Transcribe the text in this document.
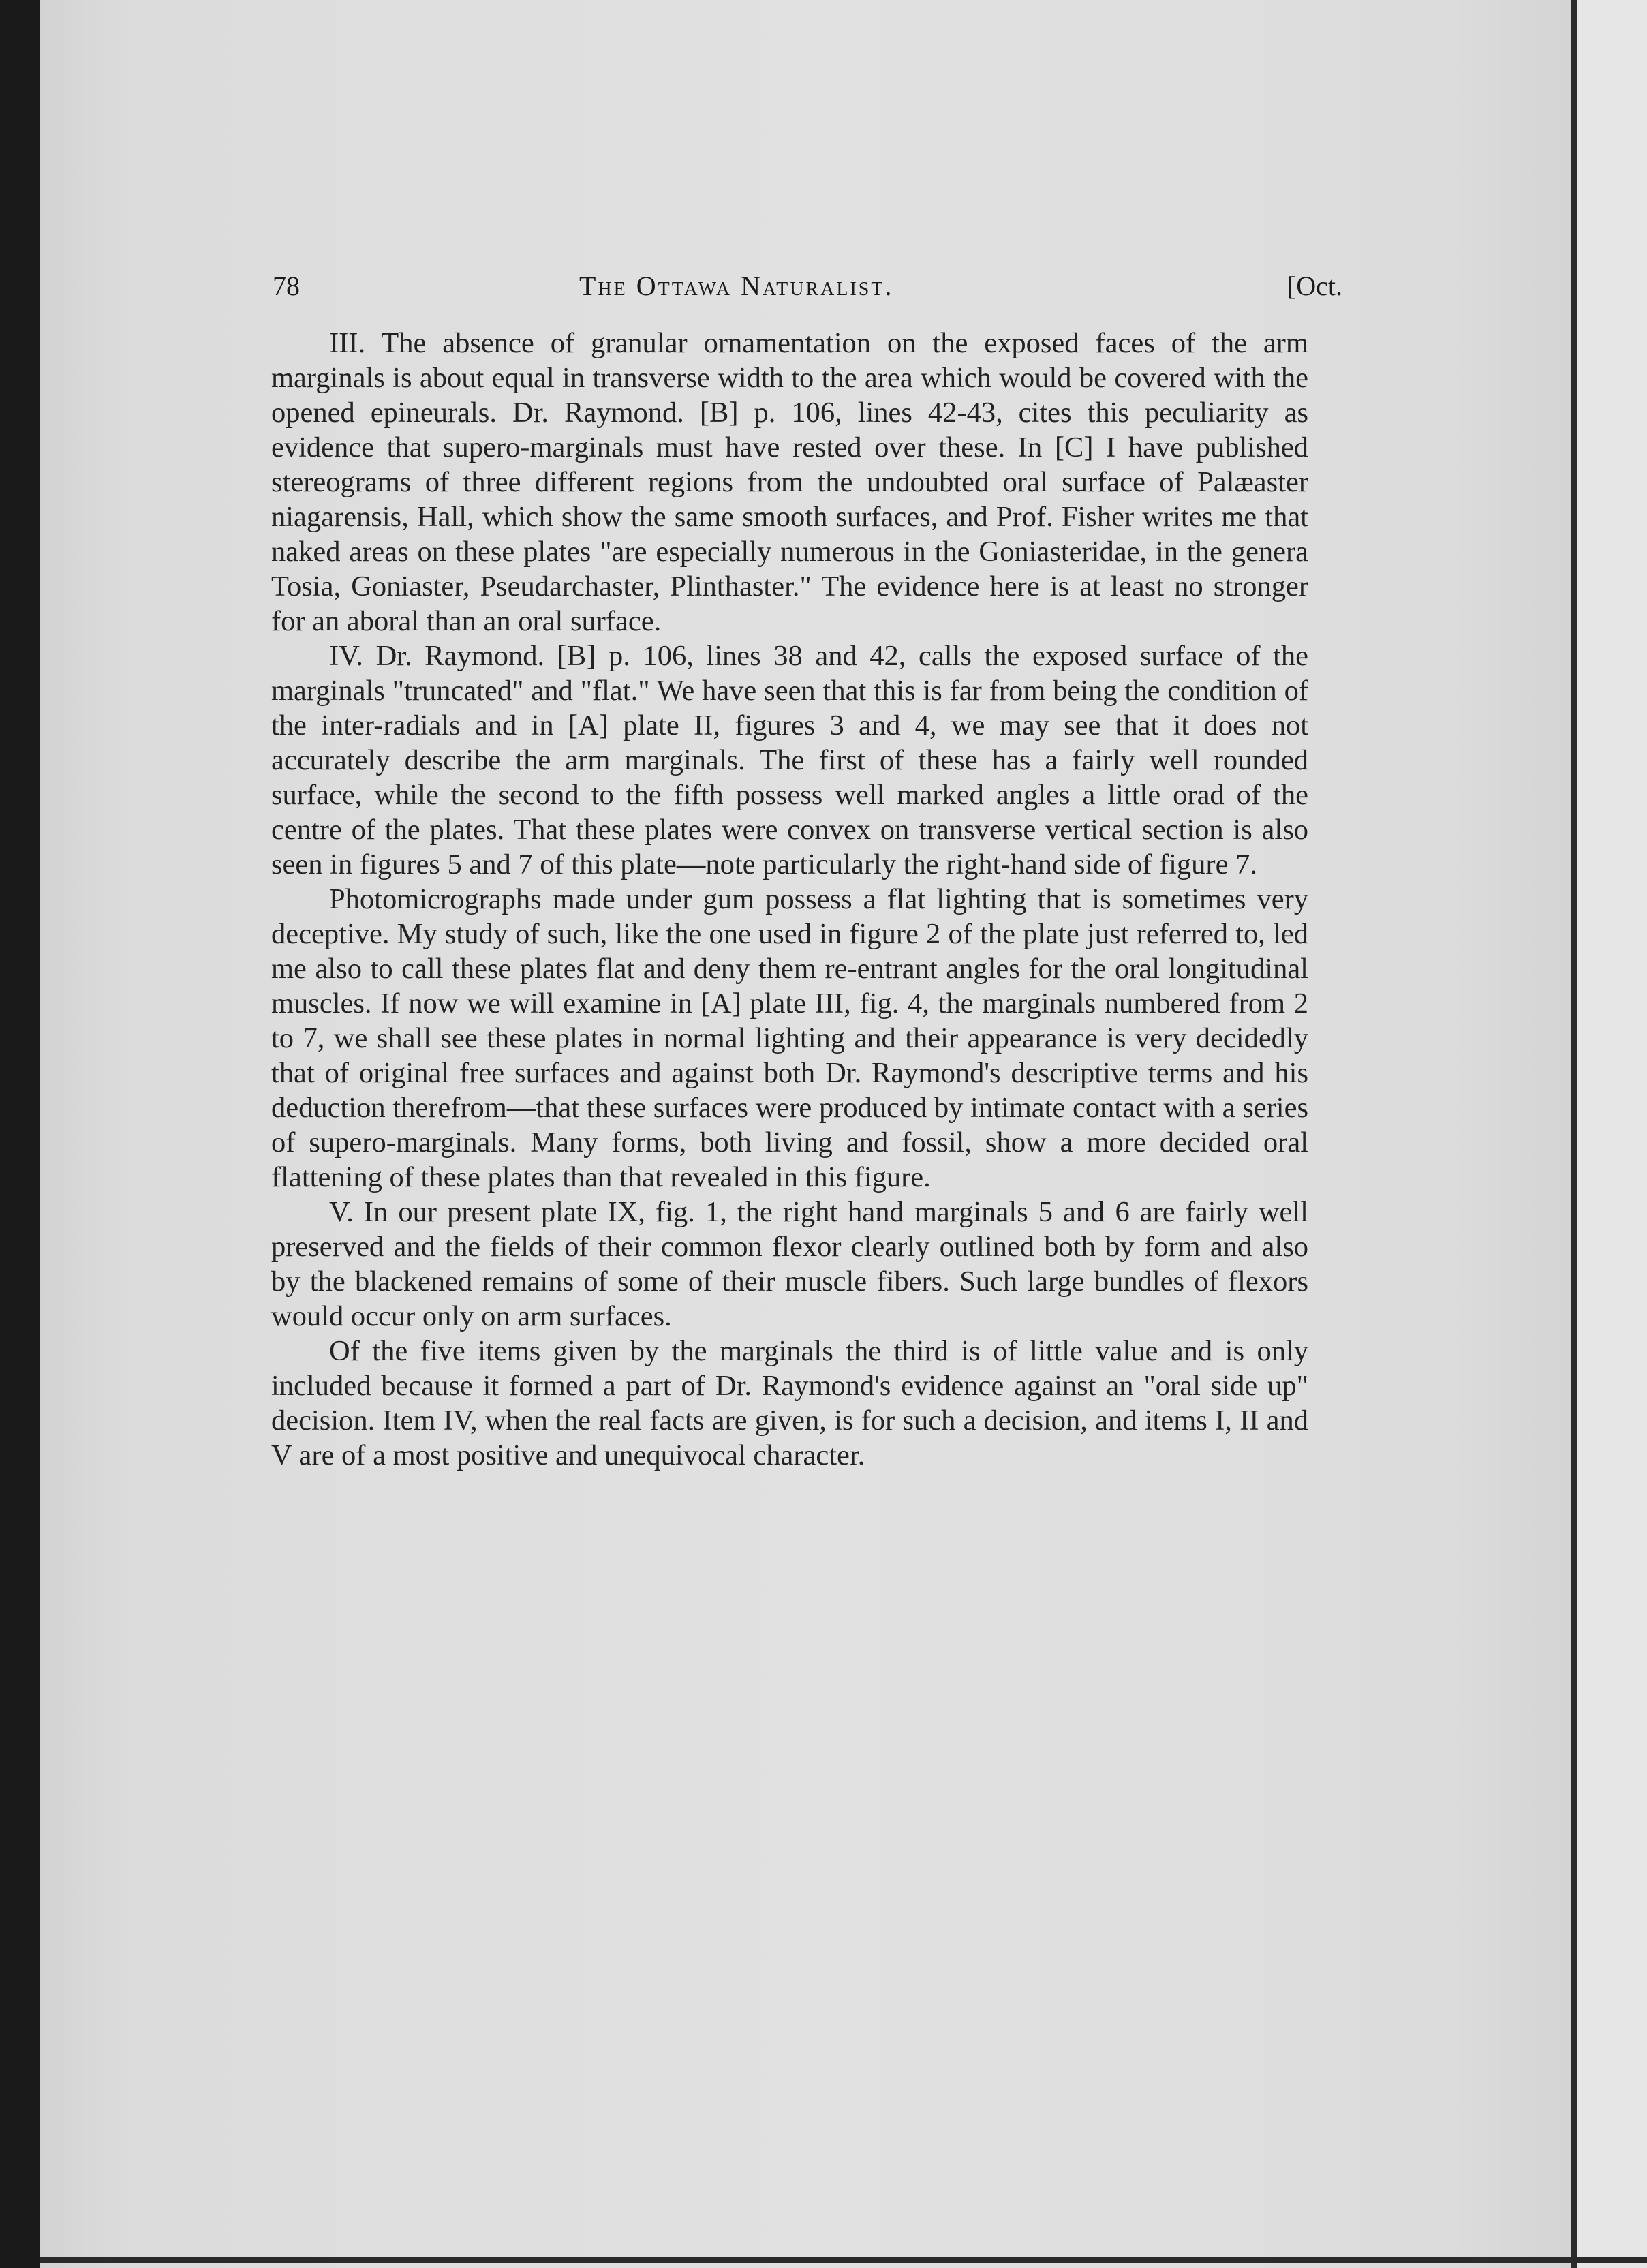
78	The Ottawa Naturalist.	[Oct.

III. The absence of granular ornamentation on the exposed faces of the arm marginals is about equal in transverse width to the area which would be covered with the opened epineurals. Dr. Raymond. [B] p. 106, lines 42-43, cites this peculiarity as evidence that supero-marginals must have rested over these. In [C] I have published stereograms of three different regions from the undoubted oral surface of Palæaster niagarensis, Hall, which show the same smooth surfaces, and Prof. Fisher writes me that naked areas on these plates "are especially numerous in the Goniasteridae, in the genera Tosia, Goniaster, Pseudarchaster, Plinthaster." The evidence here is at least no stronger for an aboral than an oral surface.

IV. Dr. Raymond. [B] p. 106, lines 38 and 42, calls the exposed surface of the marginals "truncated" and "flat." We have seen that this is far from being the condition of the inter-radials and in [A] plate II, figures 3 and 4, we may see that it does not accurately describe the arm marginals. The first of these has a fairly well rounded surface, while the second to the fifth possess well marked angles a little orad of the centre of the plates. That these plates were convex on transverse vertical section is also seen in figures 5 and 7 of this plate—note particularly the right-hand side of figure 7.

Photomicrographs made under gum possess a flat lighting that is sometimes very deceptive. My study of such, like the one used in figure 2 of the plate just referred to, led me also to call these plates flat and deny them re-entrant angles for the oral longitudinal muscles. If now we will examine in [A] plate III, fig. 4, the marginals numbered from 2 to 7, we shall see these plates in normal lighting and their appearance is very decidedly that of original free surfaces and against both Dr. Raymond's descriptive terms and his deduction therefrom—that these surfaces were produced by intimate contact with a series of supero-marginals. Many forms, both living and fossil, show a more decided oral flattening of these plates than that revealed in this figure.

V. In our present plate IX, fig. 1, the right hand marginals 5 and 6 are fairly well preserved and the fields of their common flexor clearly outlined both by form and also by the blackened remains of some of their muscle fibers. Such large bundles of flexors would occur only on arm surfaces.

Of the five items given by the marginals the third is of little value and is only included because it formed a part of Dr. Raymond's evidence against an "oral side up" decision. Item IV, when the real facts are given, is for such a decision, and items I, II and V are of a most positive and unequivocal character.
